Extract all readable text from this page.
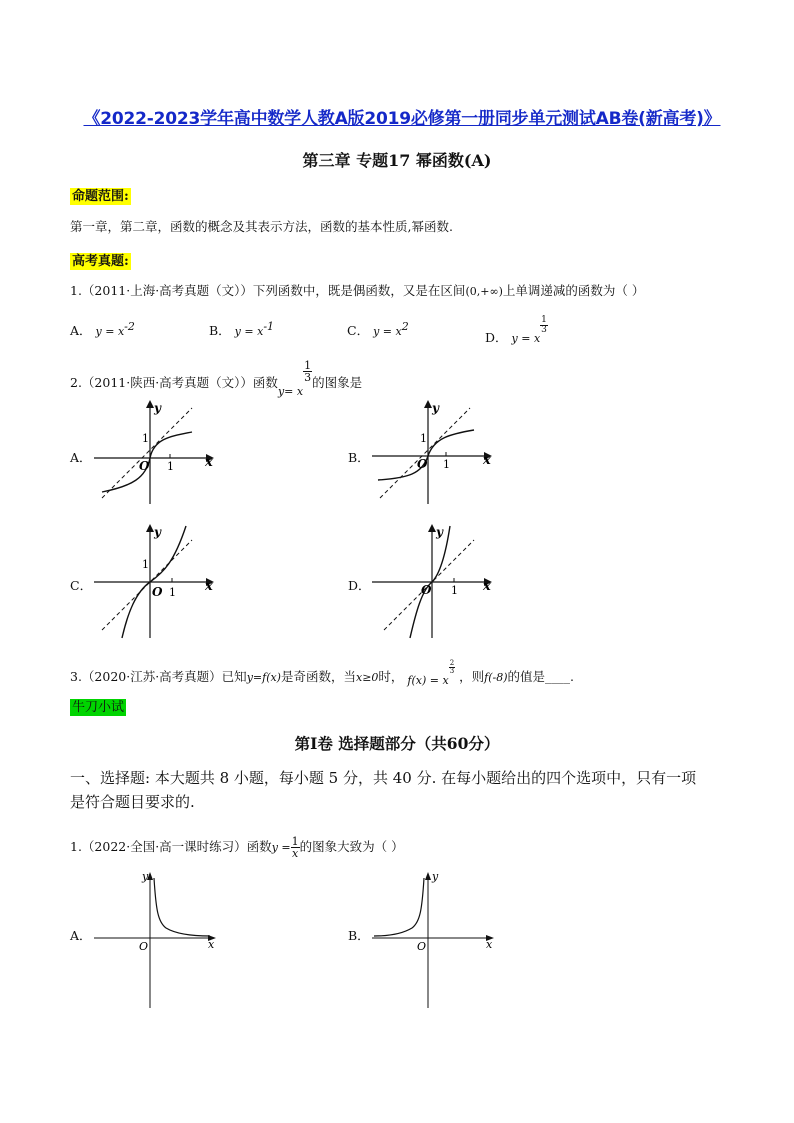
《2022-2023学年高中数学人教A版2019必修第一册同步单元测试AB卷(新高考)》
第三章 专题17 幂函数(A)
命题范围:
第一章，第二章，函数的概念及其表示方法，函数的基本性质,幂函数.
高考真题:
1.（2011·上海·高考真题（文））下列函数中，既是偶函数，又是在区间(0,+∞)上单调递减的函数为（ ）
A． $y = x^{-2}$	B． $y = x^{-1}$	C． $y = x^2$
D． y = x
$\frac{1}{3}$
2.（2011·陕西·高考真题（文））函数y= x
$\frac{1}{3}$ 的图象是
A．	x
y
O 1
1
B．	x
y
O 1
1
C．	x
y
O 1
1
D．	x
y
O 1
3.（2020·江苏·高考真题）已知y=f(x)是奇函数，当x≥0时， f(x) = x
$\frac{2}{3}$
，则f(-8)的值是____.
牛刀小试
第Ⅰ卷 选择题部分（共60分）
一、选择题: 本大题共 8 小题，每小题 5 分，共 40 分. 在每小题给出的四个选项中，只有一项
是符合题目要求的.
1.（2022·全国·高一课时练习）函数$y = \frac{1}{x}$ 的图象大致为（ ）
A．
x
y
O
B．
x
y
O
